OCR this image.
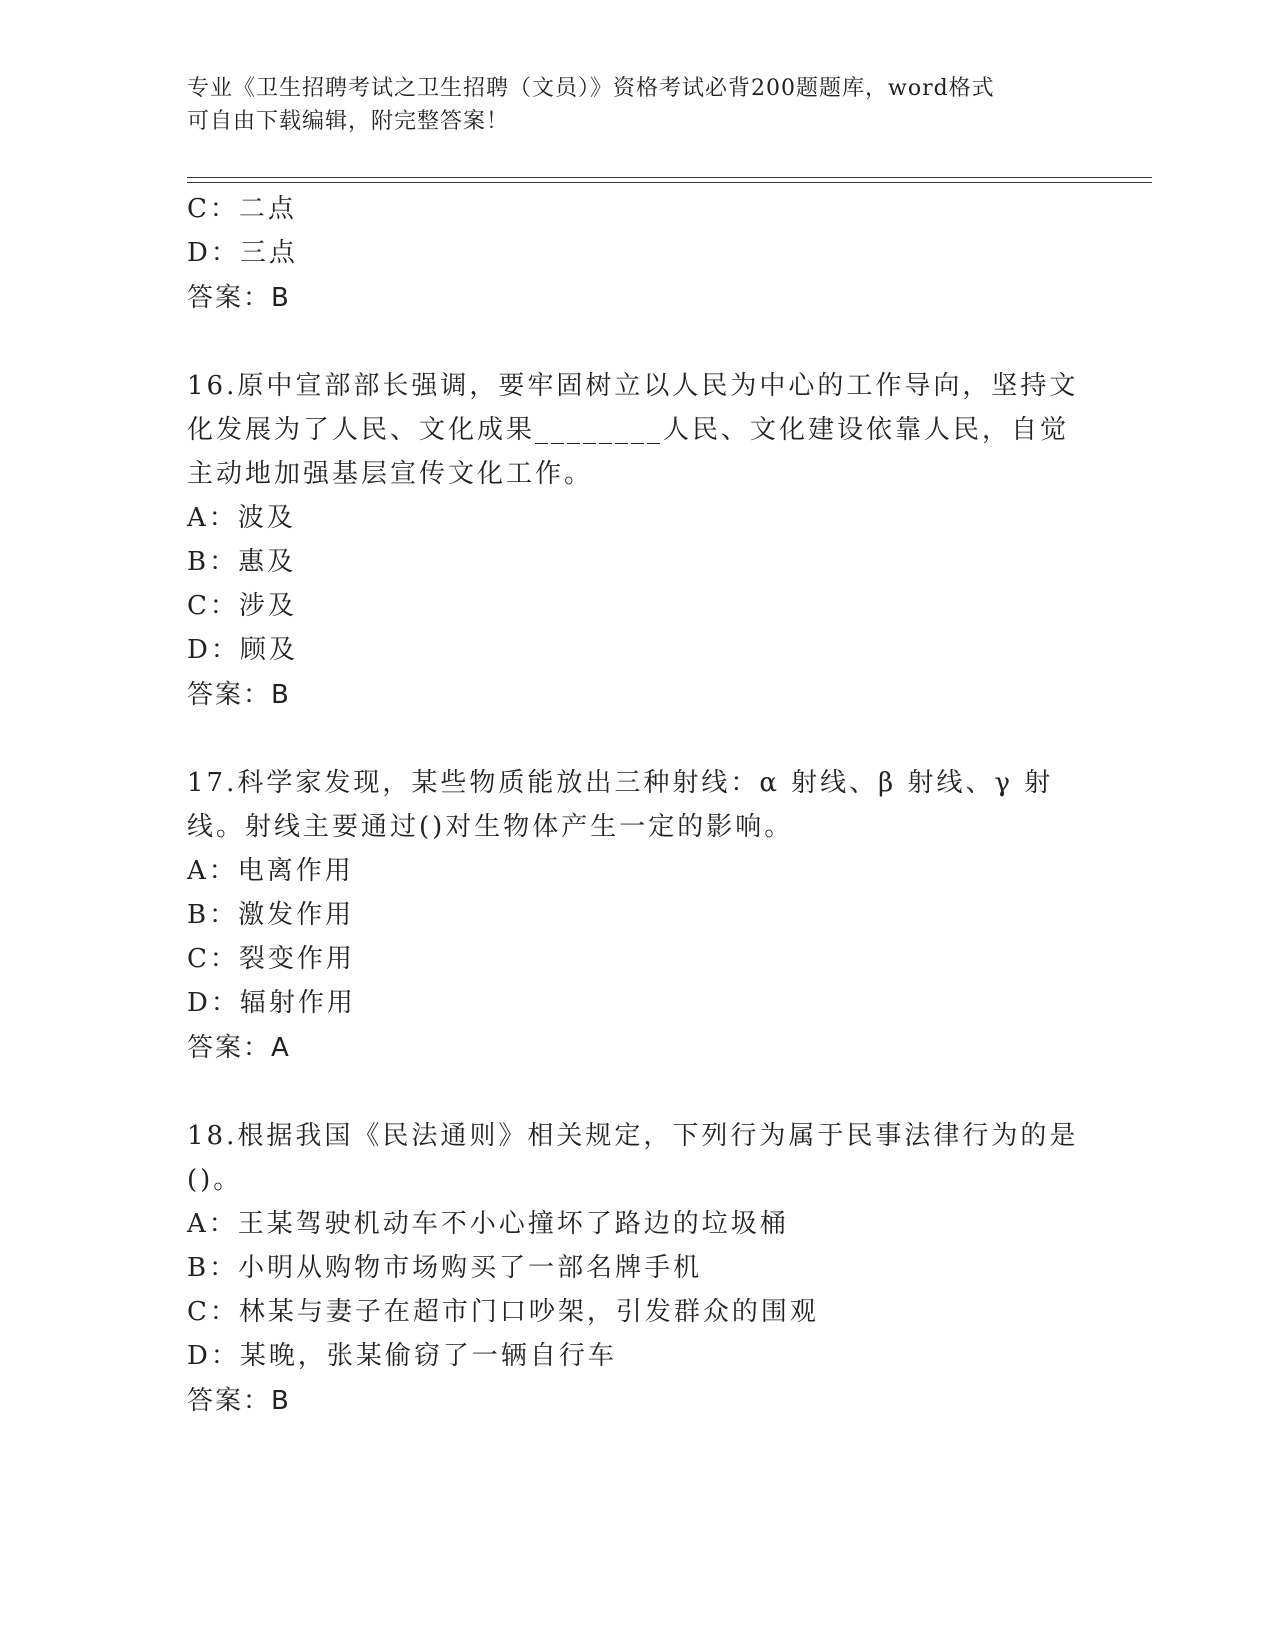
专业《卫生招聘考试之卫生招聘（文员）》资格考试必背200题题库，word格式
可自由下载编辑，附完整答案！
C：二点
D：三点
答案：B
16.原中宣部部长强调，要牢固树立以人民为中心的工作导向，坚持文
化发展为了人民、文化成果________人民、文化建设依靠人民，自觉
主动地加强基层宣传文化工作。
A：波及
B：惠及
C：涉及
D：顾及
答案：B
17.科学家发现，某些物质能放出三种射线：α 射线、β 射线、γ 射
线。射线主要通过()对生物体产生一定的影响。
A：电离作用
B：激发作用
C：裂变作用
D：辐射作用
答案：A
18.根据我国《民法通则》相关规定，下列行为属于民事法律行为的是
()。
A：王某驾驶机动车不小心撞坏了路边的垃圾桶
B：小明从购物市场购买了一部名牌手机
C：林某与妻子在超市门口吵架，引发群众的围观
D：某晚，张某偷窃了一辆自行车
答案：B
